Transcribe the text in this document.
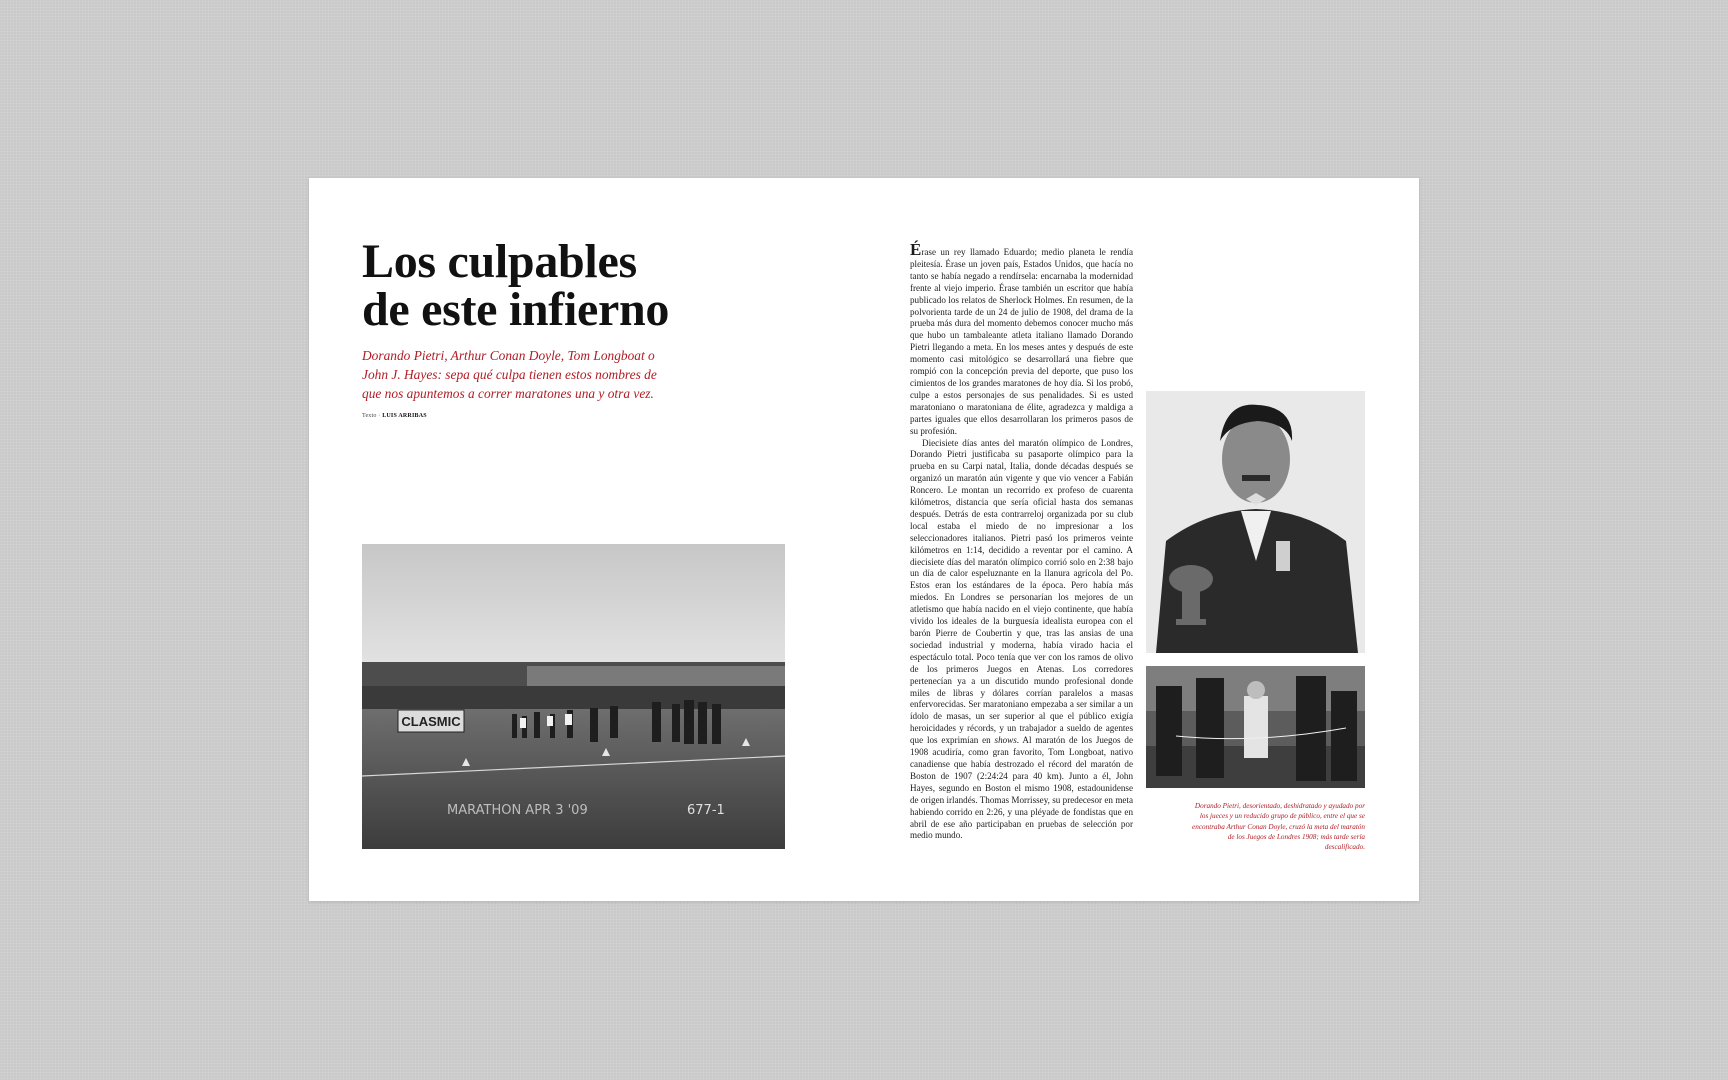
Los culpables
de este infierno

Dorando Pietri, Arthur Conan Doyle, Tom Longboat o John J. Hayes: sepa qué culpa tienen estos nombres de que nos apuntemos a correr maratones una y otra vez.

Texto · LUIS ARRIBAS
CLASMIC
MARATHON APR 3 '09	677-1

Érase un rey llamado Eduardo; medio planeta le rendía pleitesía. Érase un joven país, Estados Unidos, que hacía no tanto se había negado a rendírsela: encarnaba la modernidad frente al viejo imperio. Érase también un escritor que había publicado los relatos de Sherlock Holmes. En resumen, de la polvorienta tarde de un 24 de julio de 1908, del drama de la prueba más dura del momento debemos conocer mucho más que hubo un tambaleante atleta italiano llamado Dorando Pietri llegando a meta. En los meses antes y después de este momento casi mitológico se desarrollará una fiebre que rompió con la concepción previa del deporte, que puso los cimientos de los grandes maratones de hoy día. Si los probó, culpe a estos personajes de sus penalidades. Si es usted maratoniano o maratoniana de élite, agradezca y maldiga a partes iguales que ellos desarrollaran los primeros pasos de su profesión.

Diecisiete días antes del maratón olímpico de Londres, Dorando Pietri justificaba su pasaporte olímpico para la prueba en su Carpi natal, Italia, donde décadas después se organizó un maratón aún vigente y que vio vencer a Fabián Roncero. Le montan un recorrido ex profeso de cuarenta kilómetros, distancia que sería oficial hasta dos semanas después. Detrás de esta contrarreloj organizada por su club local estaba el miedo de no impresionar a los seleccionadores italianos. Pietri pasó los primeros veinte kilómetros en 1:14, decidido a reventar por el camino. A diecisiete días del maratón olímpico corrió solo en 2:38 bajo un día de calor espeluznante en la llanura agrícola del Po. Estos eran los estándares de la época. Pero había más miedos. En Londres se personarían los mejores de un atletismo que había nacido en el viejo continente, que había vivido los ideales de la burguesía idealista europea con el barón Pierre de Coubertin y que, tras las ansias de una sociedad industrial y moderna, había virado hacia el espectáculo total. Poco tenía que ver con los ramos de olivo de los primeros Juegos en Atenas. Los corredores pertenecían ya a un discutido mundo profesional donde miles de libras y dólares corrían paralelos a masas enfervorecidas. Ser maratoniano empezaba a ser similar a un ídolo de masas, un ser superior al que el público exigía heroicidades y récords, y un trabajador a sueldo de agentes que los exprimían en shows. Al maratón de los Juegos de 1908 acudiría, como gran favorito, Tom Longboat, nativo canadiense que había destrozado el récord del maratón de Boston de 1907 (2:24:24 para 40 km). Junto a él, John Hayes, segundo en Boston el mismo 1908, estadounidense de origen irlandés. Thomas Morrissey, su predecesor en meta habiendo corrido en 2:26, y una pléyade de fondistas que en abril de ese año participaban en pruebas de selección por medio mundo.

Dorando Pietri, desorientado, deshidratado y ayudado por los jueces y un reducido grupo de público, entre el que se encontraba Arthur Conan Doyle, cruzó la meta del maratón de los Juegos de Londres 1908; más tarde sería descalificado.
